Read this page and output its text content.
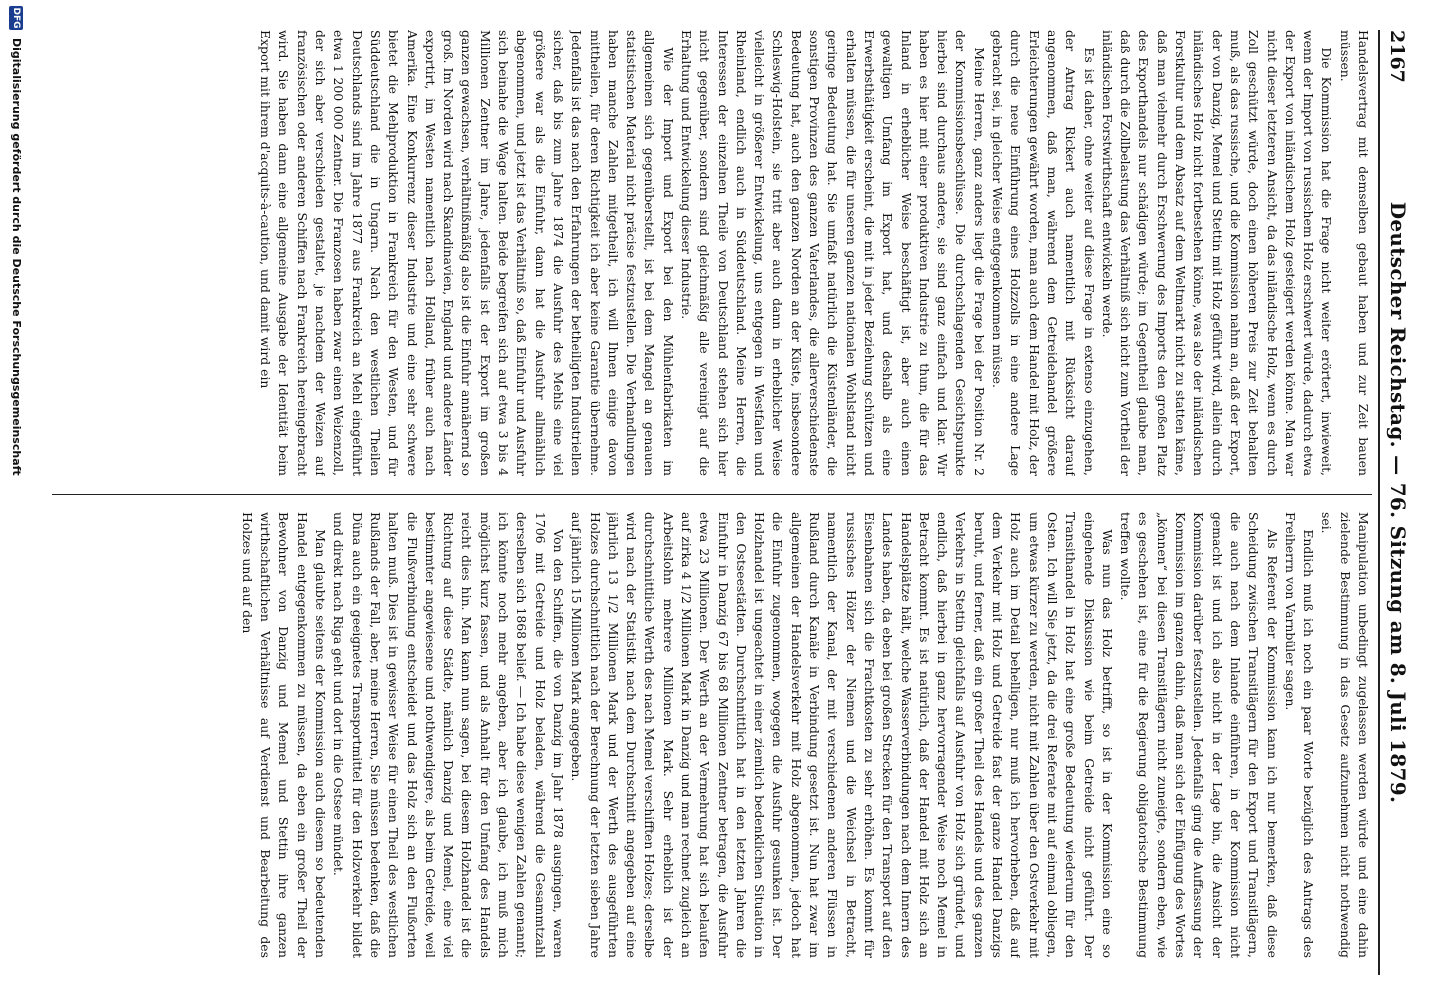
2167
Deutscher Reichstag. — 76. Sitzung am 8. Juli 1879.

Handelsvertrag mit demselben gebaut haben und zur Zeit bauen müssen.

Die Kommission hat die Frage nicht weiter erörtert, inwieweit, wenn der Import von russischem Holz erschwert würde, dadurch etwa der Export von inländischem Holz gesteigert werden könne. Man war nicht dieser letzteren Ansicht, da das inländische Holz, wenn es durch Zoll geschützt würde, doch einen höheren Preis zur Zeit behalten muß, als das russische, und die Kommission nahm an, daß der Export, der von Danzig, Memel und Stettin mit Holz geführt wird, allein durch inländisches Holz nicht fortbestehen könne, was also der inländischen Forstkultur und dem Absatz auf dem Weltmarkt nicht zu statten käme, daß man vielmehr durch Erschwerung des Imports den großen Platz des Exporthandels nur schädigen würde; im Gegentheil glaube man, daß durch die Zollbelastung das Verhältniß sich nicht zum Vortheil der inländischen Forstwirthschaft entwickeln werde.

Es ist daher, ohne weiter auf diese Frage in extenso einzugehen, der Antrag Rickert auch namentlich mit Rücksicht darauf angenommen, daß man, während dem Getreidehandel größere Erleichterungen gewährt worden, man auch dem Handel mit Holz, der durch die neue Einführung eines Holzzolls in eine andere Lage gebracht sei, in gleicher Weise entgegenkommen müsse.

Meine Herren, ganz anders liegt die Frage bei der Position Nr. 2 der Kommissionsbeschlüsse. Die durchschlagenden Gesichtspunkte hierbei sind durchaus andere, sie sind ganz einfach und klar. Wir haben es hier mit einer produktiven Industrie zu thun, die für das Inland in erheblicher Weise beschäftigt ist, aber auch einen gewaltigen Umfang im Export hat, und deshalb als eine Erwerbsthätigkeit erscheint, die mit in jeder Beziehung schützen und erhalten müssen, die für unseren ganzen nationalen Wohlstand nicht geringe Bedeutung hat. Sie umfaßt natürlich die Küstenländer, die sonstigen Provinzen des ganzen Vaterlandes, die allerverschiedenste Bedeutung hat, auch den ganzen Norden an der Küste, insbesondere Schleswig-Holstein, sie tritt aber auch dann in erheblicher Weise vielleicht in größerer Entwickelung, uns entgegen in Westfalen und Rheinland, endlich auch in Süddeutschland. Meine Herren, die Interessen der einzelnen Theile von Deutschland stehen sich hier nicht gegenüber, sondern sind gleichmäßig alle vereinigt auf die Erhaltung und Entwickelung dieser Industrie.

Wie der Import und Export bei den Mühlenfabrikaten im allgemeinen sich gegenüberstellt, ist bei dem Mangel an genauen statistischen Material nicht präcise festzustellen. Die Verhandlungen haben manche Zahlen mitgetheilt, ich will Ihnen einige davon mittheilen, für deren Richtigkeit ich aber keine Garantie übernehme. Jedenfalls ist das nach den Erfahrungen der betheiligten Industriellen sicher, daß bis zum Jahre 1874 die Ausfuhr des Mehls eine viel größere war als die Einfuhr, dann hat die Ausfuhr allmählich abgenommen, und jetzt ist das Verhältniß so, daß Einfuhr und Ausfuhr sich beinahe die Wage halten. Beide begreifen sich auf etwa 3 bis 4 Millionen Zentner im Jahre, jedenfalls ist der Export im großen ganzen gewachsen, verhältnißmäßig also ist die Einfuhr annähernd so groß. Im Norden wird nach Skandinavien, England und andere Länder exportirt, im Westen namentlich nach Holland, früher auch nach Amerika. Eine Konkurrenz dieser Industrie und eine sehr schwere bietet die Mehlproduktion in Frankreich für den Westen, und für Süddeutschland die in Ungarn. Nach den westlichen Theilen Deutschlands sind im Jahre 1877 aus Frankreich an Mehl eingeführt etwa 1 200 000 Zentner. Die Franzosen haben zwar einen Weizenzoll, der sich aber verschieden gestaltet, je nachdem der Weizen auf französischen oder anderen Schiffen nach Frankreich hereingebracht wird. Sie haben dann eine allgemeine Ausgabe der Identität beim Export mit ihrem d'acquits-à-caution, und damit wird ein

Manipulation unbedingt zugelassen werden würde und eine dahin zielende Bestimmung in das Gesetz aufzunehmen nicht nothwendig sei.

Endlich muß ich noch ein paar Worte bezüglich des Antrags des Freiherrn von Varnbüler sagen.

Als Referent der Kommission kann ich nur bemerken, daß diese Scheidung zwischen Transitlägern für den Export und Transitlägern, die auch nach dem Inlande einführen, in der Kommission nicht gemacht ist und ich also nicht in der Lage bin, die Ansicht der Kommission darüber festzustellen. Jedenfalls ging die Auffassung der Kommission im ganzen dahin, daß man sich der Einfügung des Wortes „können“ bei diesen Transitlägern nicht zuneigte, sondern eben, wie es geschehen ist, eine für die Regierung obligatorische Bestimmung treffen wollte.

Was nun das Holz betrifft, so ist in der Kommission eine so eingehende Diskussion wie beim Getreide nicht geführt. Der Transithandel in Holz hat eine große Bedeutung wiederum für den Osten. Ich will Sie jetzt, da die drei Referate mit auf einmal obliegen, um etwas kürzer zu werden, nicht mit Zahlen über den Ostverkehr mit Holz auch im Detail behelligen, nur muß ich hervorheben, daß auf dem Verkehr mit Holz und Getreide fast der ganze Handel Danzigs beruht, und ferner, daß ein großer Theil des Handels und des ganzen Verkehrs in Stettin gleichfalls auf Ausfuhr von Holz sich gründet, und endlich, daß hierbei in ganz hervorragender Weise noch Memel in Betracht kommt. Es ist natürlich, daß der Handel mit Holz sich an Handelsplätze hält, welche Wasserverbindungen nach dem Innern des Landes haben, da eben bei großen Strecken für den Transport auf den Eisenbahnen sich die Frachtkosten zu sehr erhöhen. Es kommt für russisches Hölzer der Niemen und die Weichsel in Betracht, namentlich der Kanal, der mit verschiedenen anderen Flüssen in Rußland durch Kanäle in Verbindung gesetzt ist. Nun hat zwar im allgemeinen der Handelsverkehr mit Holz abgenommen, jedoch hat die Einfuhr zugenommen, wogegen die Ausfuhr gesunken ist. Der Holzhandel ist ungeachtet in einer ziemlich bedenklichen Situation in den Ostseestädten. Durchschnittlich hat in den letzten Jahren die Einfuhr in Danzig 67 bis 68 Millionen Zentner betragen, die Ausfuhr etwa 23 Millionen. Der Werth an der Vermehrung hat sich belaufen auf zirka 4 1/2 Millionen Mark in Danzig und man rechnet zugleich an Arbeitslohn mehrere Millionen Mark. Sehr erheblich ist der durchschnittliche Werth des nach Memel verschifften Holzes; derselbe wird nach der Statistik nach dem Durchschnitt angegeben auf eine jährlich 13 1/2 Millionen Mark und der Werth des ausgeführten Holzes durchschnittlich nach der Berechnung der letzten sieben Jahre auf jährlich 15 Millionen Mark angegeben.

Von den Schiffen, die von Danzig im Jahr 1878 ausgingen, waren 1706 mit Getreide und Holz beladen, während die Gesammtzahl derselben sich 1868 belief. — Ich habe diese wenigen Zahlen genannt; ich könnte noch mehr angeben, aber ich glaube, ich muß mich möglichst kurz fassen, und als Anhalt für den Umfang des Handels reicht dies hin. Man kann nun sagen, bei diesem Holzhandel ist die Richtung auf diese Städte, nämlich Danzig und Memel, eine viel bestimmter angewiesene und nothwendigere, als beim Getreide, weil die Flußverbindung entscheidet und das Holz sich an den Flußorten halten muß. Dies ist in gewisser Weise für einen Theil des westlichen Rußlands der Fall, aber, meine Herren, Sie müssen bedenken, daß die Düna auch ein geeignetes Transportmittel für den Holzverkehr bildet und direkt nach Riga geht und dort in die Ostsee mündet.

Man glaubte seitens der Kommission auch diesem so bedeutenden Handel entgegenkommen zu müssen, da eben ein großer Theil der Bewohner von Danzig und Memel und Stettin ihre ganzen wirthschaftlichen Verhältnisse auf Verdienst und Bearbeitung des Holzes und auf den

DFG
Digitalisierung gefördert durch die Deutsche Forschungsgemeinschaft
